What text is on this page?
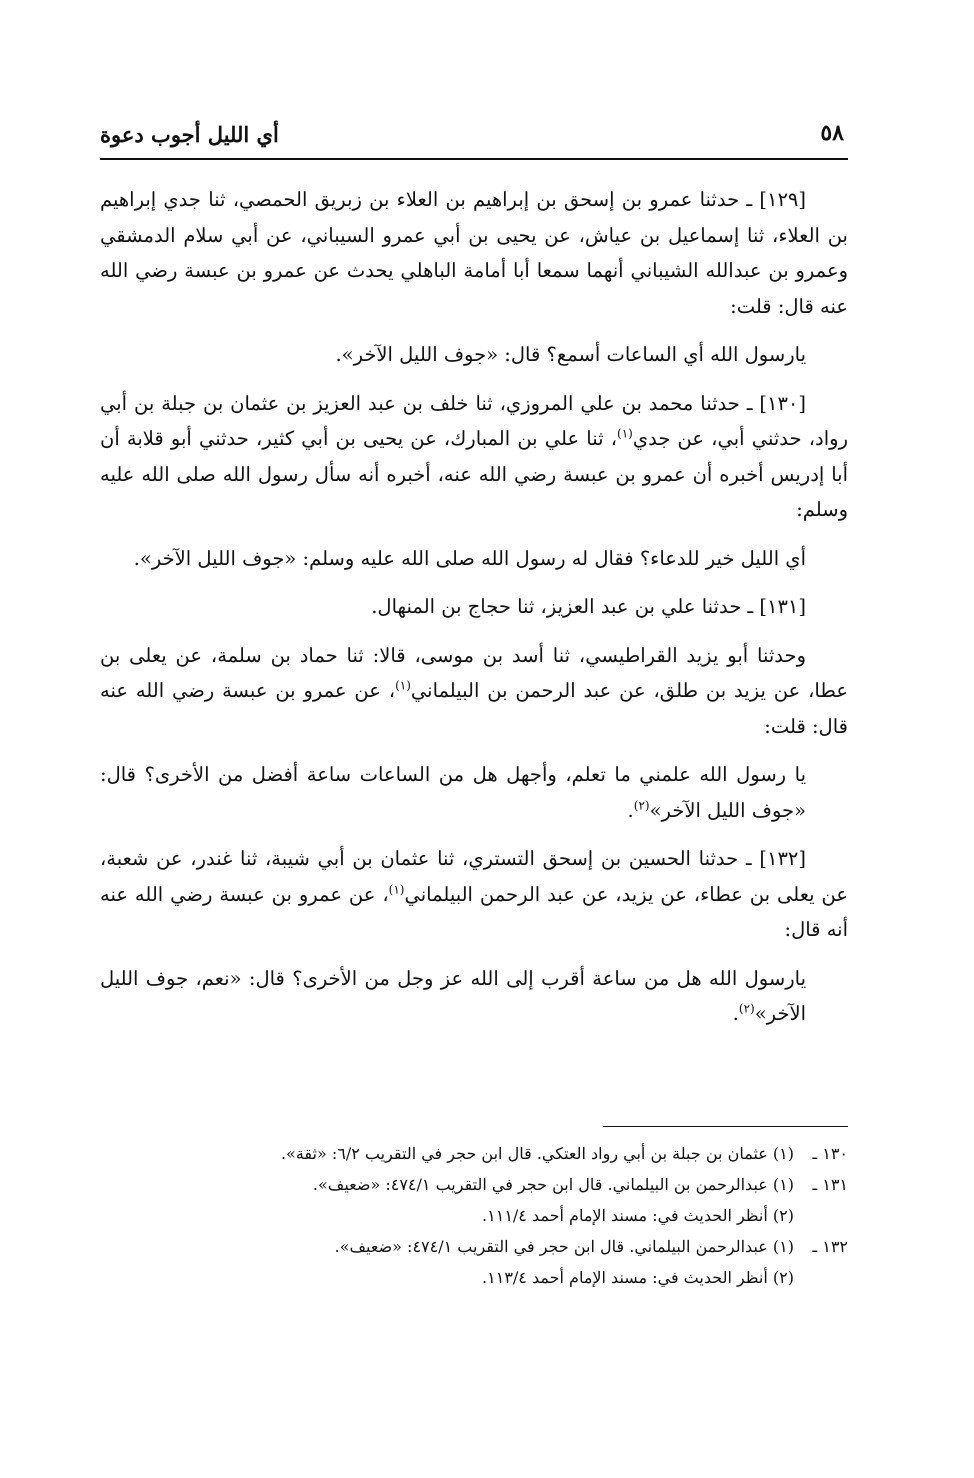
٥٨
أي الليل أجوب دعوة

[١٢٩] ـ حدثنا عمرو بن إسحق بن إبراهيم بن العلاء بن زبريق الحمصي، ثنا جدي إبراهيم بن العلاء، ثنا إسماعيل بن عياش، عن يحيى بن أبي عمرو السيباني، عن أبي سلام الدمشقي وعمرو بن عبدالله الشيباني أنهما سمعا أبا أمامة الباهلي يحدث عن عمرو بن عبسة رضي الله عنه قال: قلت:

يارسول الله أي الساعات أسمع؟ قال: «جوف الليل الآخر».

[١٣٠] ـ حدثنا محمد بن علي المروزي، ثنا خلف بن عبد العزيز بن عثمان بن جبلة بن أبي رواد، حدثني أبي، عن جدي$^{(١)}$، ثنا علي بن المبارك، عن يحيى بن أبي كثير، حدثني أبو قلابة أن أبا إدريس أخبره أن عمرو بن عبسة رضي الله عنه، أخبره أنه سأل رسول الله صلى الله عليه وسلم:

أي الليل خير للدعاء؟ فقال له رسول الله صلى الله عليه وسلم: «جوف الليل الآخر».

[١٣١] ـ حدثنا علي بن عبد العزيز، ثنا حجاج بن المنهال.

وحدثنا أبو يزيد القراطيسي، ثنا أسد بن موسى، قالا: ثنا حماد بن سلمة، عن يعلى بن عطا، عن يزيد بن طلق، عن عبد الرحمن بن البيلماني$^{(١)}$، عن عمرو بن عبسة رضي الله عنه قال: قلت:

يا رسول الله علمني ما تعلم، وأجهل هل من الساعات ساعة أفضل من الأخرى؟ قال: «جوف الليل الآخر»$^{(٢)}$.

[١٣٢] ـ حدثنا الحسين بن إسحق التستري، ثنا عثمان بن أبي شيبة، ثنا غندر، عن شعبة، عن يعلى بن عطاء، عن يزيد، عن عبد الرحمن البيلماني$^{(١)}$، عن عمرو بن عبسة رضي الله عنه أنه قال:

يارسول الله هل من ساعة أقرب إلى الله عز وجل من الأخرى؟ قال: «نعم، جوف الليل الآخر»$^{(٢)}$.

١٣٠ ـ(١) عثمان بن جبلة بن أبي رواد العتكي. قال ابن حجر في التقريب ٦/٢: «ثقة».
١٣١ ـ(١) عبدالرحمن بن البيلماني. قال ابن حجر في التقريب ٤٧٤/١: «ضعيف».
(٢) أنظر الحديث في: مسند الإمام أحمد ١١١/٤.
١٣٢ ـ(١) عبدالرحمن البيلماني. قال ابن حجر في التقريب ٤٧٤/١: «ضعيف».
(٢) أنظر الحديث في: مسند الإمام أحمد ١١٣/٤.
